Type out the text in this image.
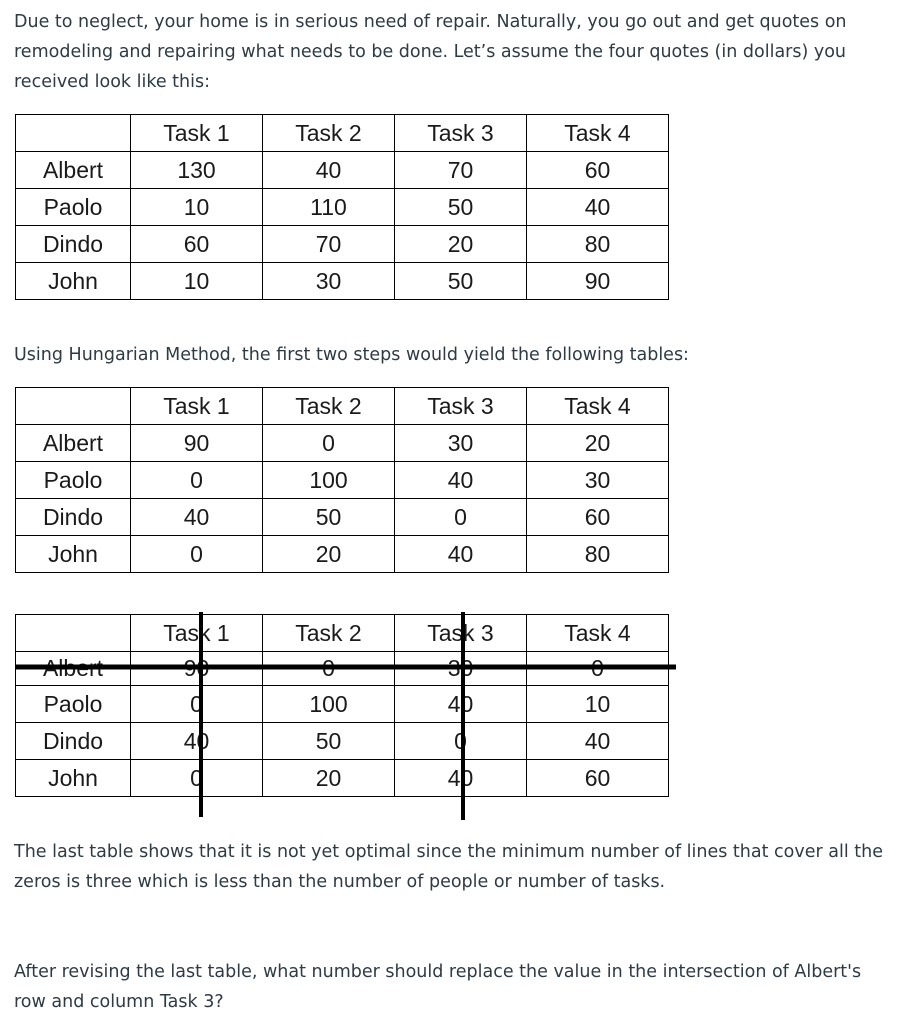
Due to neglect, your home is in serious need of repair. Naturally, you go out and get quotes on remodeling and repairing what needs to be done. Let’s assume the four quotes (in dollars) you received look like this:

	Task 1	Task 2	Task 3	Task 4
Albert	130	40	70	60
Paolo	10	110	50	40
Dindo	60	70	20	80
John	10	30	50	90

Using Hungarian Method, the first two steps would yield the following tables:

	Task 1	Task 2	Task 3	Task 4
Albert	90	0	30	20
Paolo	0	100	40	30
Dindo	40	50	0	60
John	0	20	40	80
	Task 1	Task 2	Task 3	Task 4
Albert	90	0	30	0
Paolo	0	100	40	10
Dindo	40	50	0	40
John	0	20	40	60

The last table shows that it is not yet optimal since the minimum number of lines that cover all the zeros is three which is less than the number of people or number of tasks.

After revising the last table, what number should replace the value in the intersection of Albert's row and column Task 3?
